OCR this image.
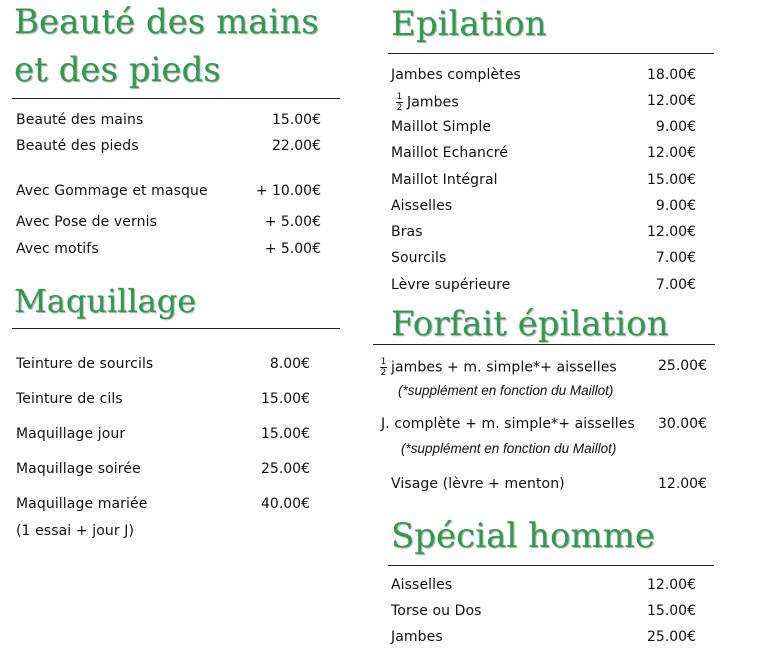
Beauté des mains
et des pieds
Beauté des mains	15.00€
Beauté des pieds	22.00€
Avec Gommage et masque	+ 10.00€
Avec Pose de vernis	+ 5.00€
Avec motifs	+ 5.00€
Maquillage
Teinture de sourcils	8.00€
Teinture de cils	15.00€
Maquillage jour	15.00€
Maquillage soirée	25.00€
Maquillage mariée	40.00€
(1 essai + jour J)
Epilation
Jambes complètes	18.00€
$\frac{1}{2}$ Jambes	12.00€
Maillot Simple	9.00€
Maillot Echancré	12.00€
Maillot Intégral	15.00€
Aisselles	9.00€
Bras	12.00€
Sourcils	7.00€
Lèvre supérieure	7.00€
Forfait épilation
$\frac{1}{2}$ jambes + m. simple*+ aisselles	25.00€
(*supplément en fonction du Maillot)
J. complète + m. simple*+ aisselles 30.00€
(*supplément en fonction du Maillot)
Visage (lèvre + menton)	12.00€
Spécial homme
Aisselles	12.00€
Torse ou Dos	15.00€
Jambes	25.00€
